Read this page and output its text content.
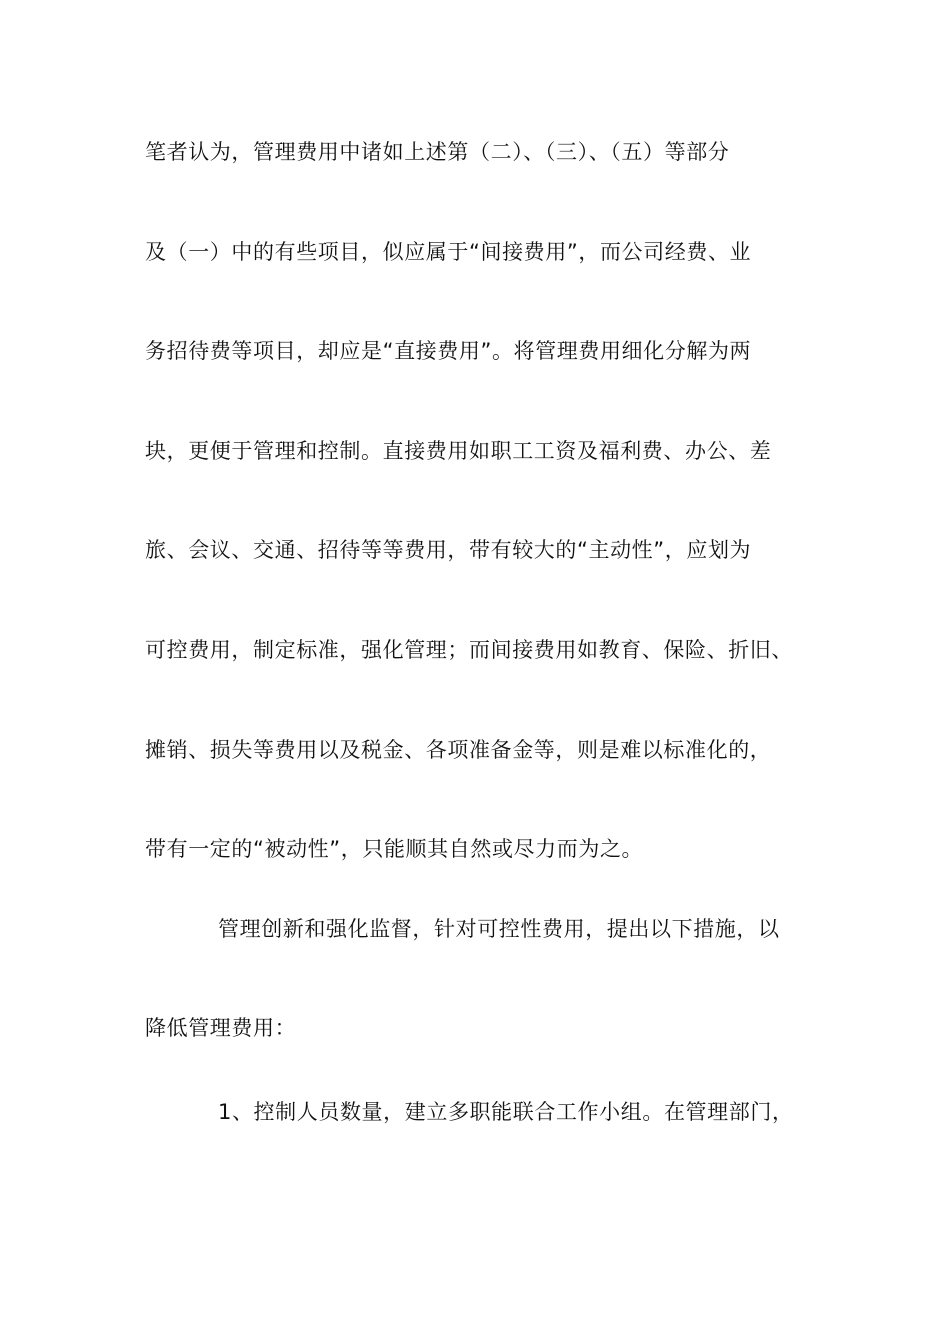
笔者认为，管理费用中诸如上述第（二）、（三）、（五）等部分
及（一）中的有些项目，似应属于“间接费用”，而公司经费、业
务招待费等项目，却应是“直接费用”。将管理费用细化分解为两
块，更便于管理和控制。直接费用如职工工资及福利费、办公、差
旅、会议、交通、招待等等费用，带有较大的“主动性”，应划为
可控费用，制定标准，强化管理；而间接费用如教育、保险、折旧、
摊销、损失等费用以及税金、各项准备金等，则是难以标准化的，
带有一定的“被动性”，只能顺其自然或尽力而为之。
管理创新和强化监督，针对可控性费用，提出以下措施，以
降低管理费用：
1、控制人员数量，建立多职能联合工作小组。在管理部门，
